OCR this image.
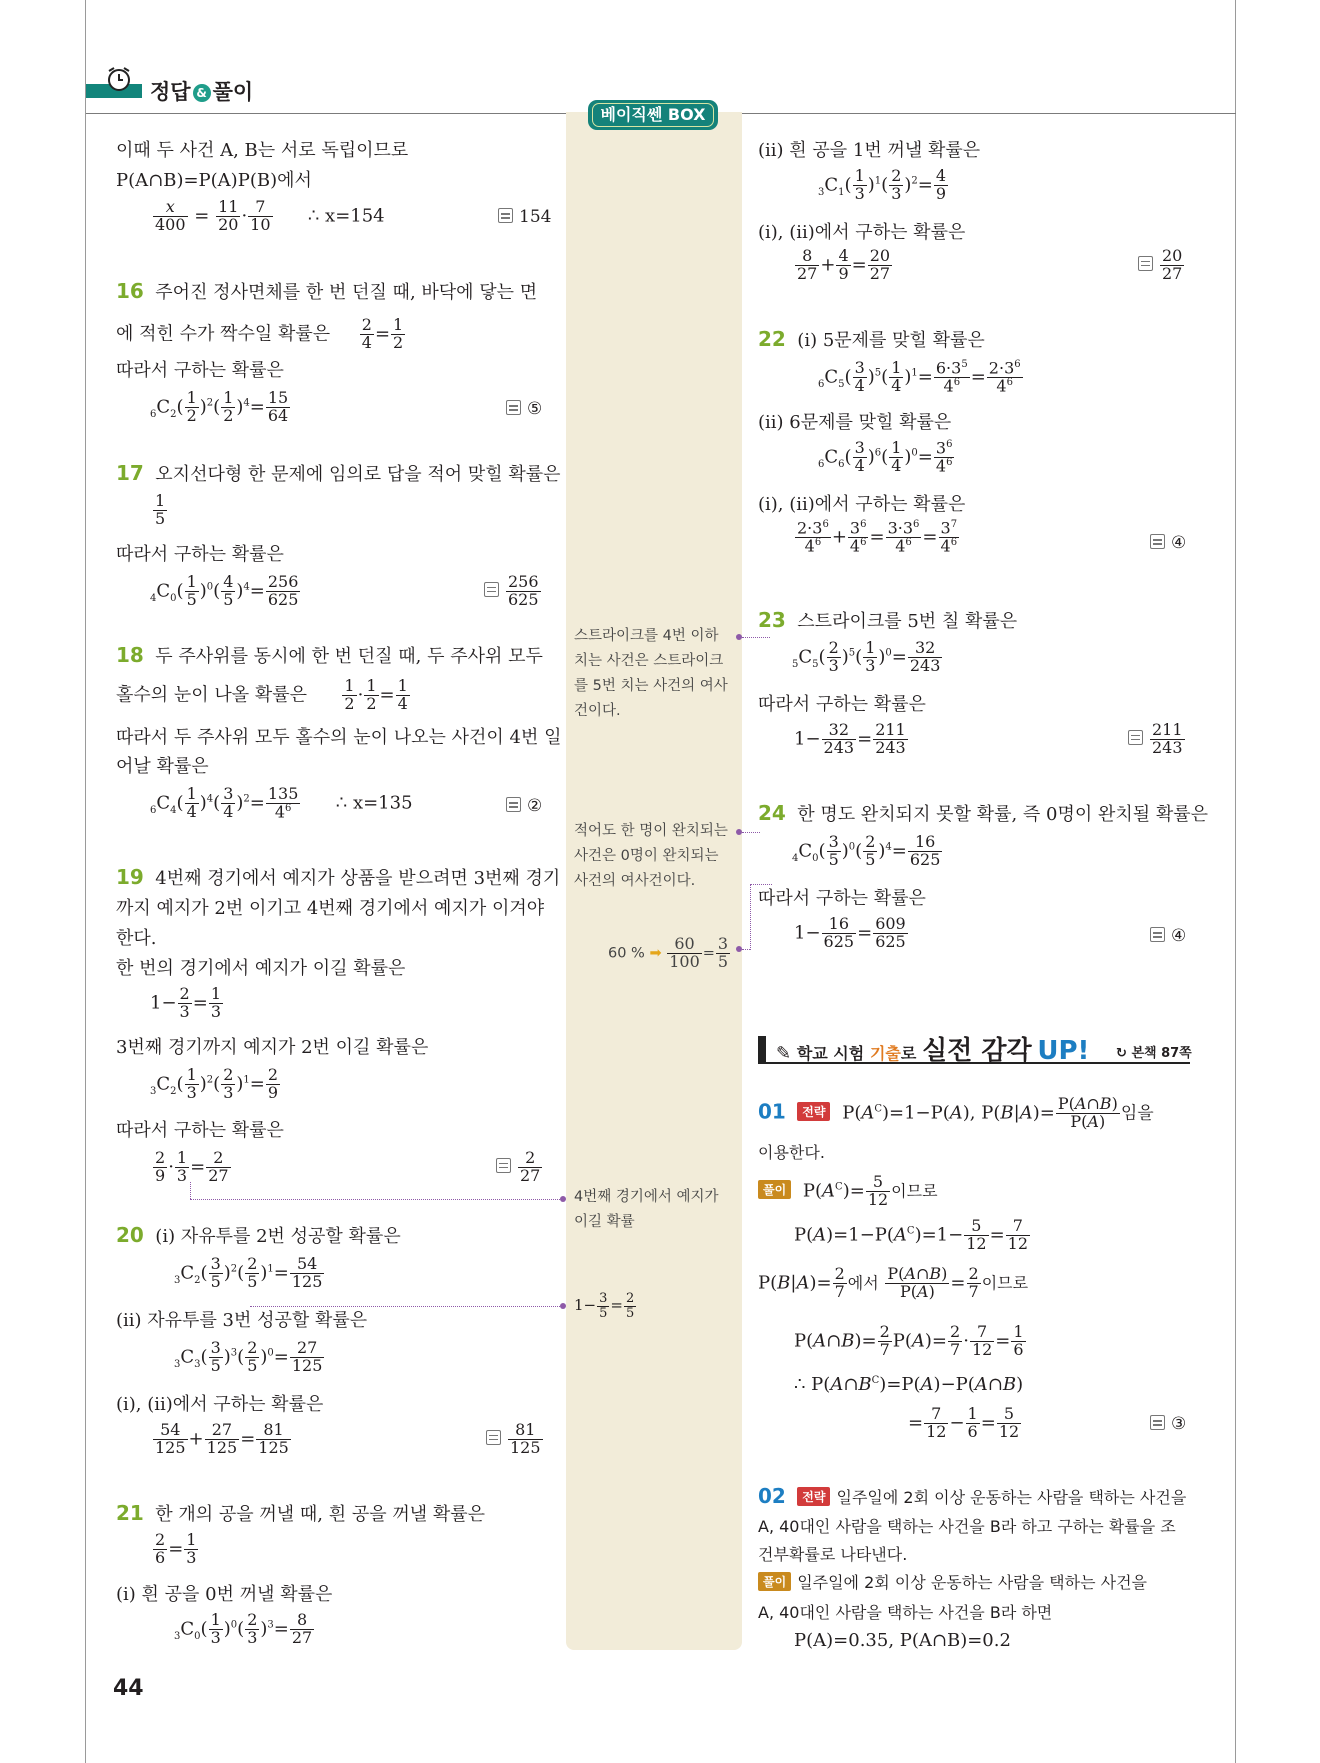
정답 & 풀이
베이직쎈 BOX
이때 두 사건 A, B는 서로 독립이므로
P(A∩B)=P(A)P(B)에서
$\frac{x}{400} = \frac{11}{20} \cdot \frac{7}{10}$ ∴ x=154	154
16 주어진 정사면체를 한 번 던질 때, 바닥에 닿는 면
에 적힌 수가 짝수일 확률은 $\frac{2}{4} = \frac{1}{2}$
따라서 구하는 확률은
$_6C_2( \frac{1}{2} )^2( \frac{1}{2} )^4= \frac{15}{64}$	⑤
17 오지선다형 한 문제에 임의로 답을 적어 맞힐 확률은
$\frac{1}{5}$
따라서 구하는 확률은
$_4C_0( \frac{1}{5} )^0( \frac{4}{5} )^4= \frac{256}{625}$	$\frac{256}{625}$
18 두 주사위를 동시에 한 번 던질 때, 두 주사위 모두
홀수의 눈이 나올 확률은 $\frac{1}{2} \cdot \frac{1}{2} = \frac{1}{4}$
따라서 두 주사위 모두 홀수의 눈이 나오는 사건이 4번 일
어날 확률은
$_6C_4( \frac{1}{4} )^4( \frac{3}{4} )^2= \frac{135}{4^6}$ ∴ x=135	②
19 4번째 경기에서 예지가 상품을 받으려면 3번째 경기
까지 예지가 2번 이기고 4번째 경기에서 예지가 이겨야
한다.
한 번의 경기에서 예지가 이길 확률은
$1- \frac{2}{3} = \frac{1}{3}$
3번째 경기까지 예지가 2번 이길 확률은
$_3C_2( \frac{1}{3} )^2( \frac{2}{3} )^1= \frac{2}{9}$
따라서 구하는 확률은
$\frac{2}{9} \cdot \frac{1}{3} = \frac{2}{27}$	$\frac{2}{27}$
20 (ⅰ) 자유투를 2번 성공할 확률은
$_3C_2( \frac{3}{5} )^2( \frac{2}{5} )^1= \frac{54}{125}$
(ⅱ) 자유투를 3번 성공할 확률은
$_3C_3( \frac{3}{5} )^3( \frac{2}{5} )^0= \frac{27}{125}$
(ⅰ), (ⅱ)에서 구하는 확률은
$\frac{54}{125} + \frac{27}{125} = \frac{81}{125}$	$\frac{81}{125}$
21 한 개의 공을 꺼낼 때, 흰 공을 꺼낼 확률은
$\frac{2}{6} = \frac{1}{3}$
(ⅰ) 흰 공을 0번 꺼낼 확률은
$_3C_0( \frac{1}{3} )^0( \frac{2}{3} )^3= \frac{8}{27}$
44
스트라이크를 4번 이하
치는 사건은 스트라이크
를 5번 치는 사건의 여사
건이다.
적어도 한 명이 완치되는
사건은 0명이 완치되는
사건의 여사건이다.
60 % ➡ $\frac{60}{100} = \frac{3}{5}$
4번째 경기에서 예지가
이길 확률
$1- \frac{3}{5} = \frac{2}{5}$
(ⅱ) 흰 공을 1번 꺼낼 확률은
$_3C_1( \frac{1}{3} )^1( \frac{2}{3} )^2= \frac{4}{9}$
(ⅰ), (ⅱ)에서 구하는 확률은
$\frac{8}{27} + \frac{4}{9} = \frac{20}{27}$	$\frac{20}{27}$
22 (ⅰ) 5문제를 맞힐 확률은
$_6C_5( \frac{3}{4} )^5( \frac{1}{4} )^1= \frac{6\cdot 3^5}{4^6} = \frac{2\cdot 3^6}{4^6}$
(ⅱ) 6문제를 맞힐 확률은
$_6C_6( \frac{3}{4} )^6( \frac{1}{4} )^0= \frac{3^6}{4^6}$
(ⅰ), (ⅱ)에서 구하는 확률은
$\frac{2\cdot 3^6}{4^6} + \frac{3^6}{4^6} = \frac{3\cdot 3^6}{4^6} = \frac{3^7}{4^6}$	④
23 스트라이크를 5번 칠 확률은
$_5C_5( \frac{2}{3} )^5( \frac{1}{3} )^0= \frac{32}{243}$
따라서 구하는 확률은
$1- \frac{32}{243} = \frac{211}{243}$	$\frac{211}{243}$
24 한 명도 완치되지 못할 확률, 즉 0명이 완치될 확률은
$_4C_0( \frac{3}{5} )^0( \frac{2}{5} )^4= \frac{16}{625}$
따라서 구하는 확률은
$1- \frac{16}{625} = \frac{609}{625}$	④
✎ 학교 시험 기출로 실전 감각 UP! ↻ 본책 87쪽
01 전략 $P(A^C)=1-P(A)$, $P(B|A)= \frac{P(A\cap B)}{P(A)}$ 임을
이용한다.
풀이 $P(A^C)= \frac{5}{12}$ 이므로
$P(A)=1-P(A^C)=1- \frac{5}{12} = \frac{7}{12}$
$P(B|A)= \frac{2}{7}$ 에서 $\frac{P(A\cap B)}{P(A)} = \frac{2}{7}$ 이므로
P(A∩B)= $\frac{2}{7} P(A)= \frac{2}{7} \cdot \frac{7}{12} = \frac{1}{6}$
∴ $P(A\cap B^C)=P(A)-P(A\cap B)$
= $\frac{7}{12} - \frac{1}{6} = \frac{5}{12}$	③
02 전략 일주일에 2회 이상 운동하는 사람을 택하는 사건을
A, 40대인 사람을 택하는 사건을 B라 하고 구하는 확률을 조
건부확률로 나타낸다.
풀이 일주일에 2회 이상 운동하는 사람을 택하는 사건을
A, 40대인 사람을 택하는 사건을 B라 하면
P(A)=0.35, P(A∩B)=0.2
